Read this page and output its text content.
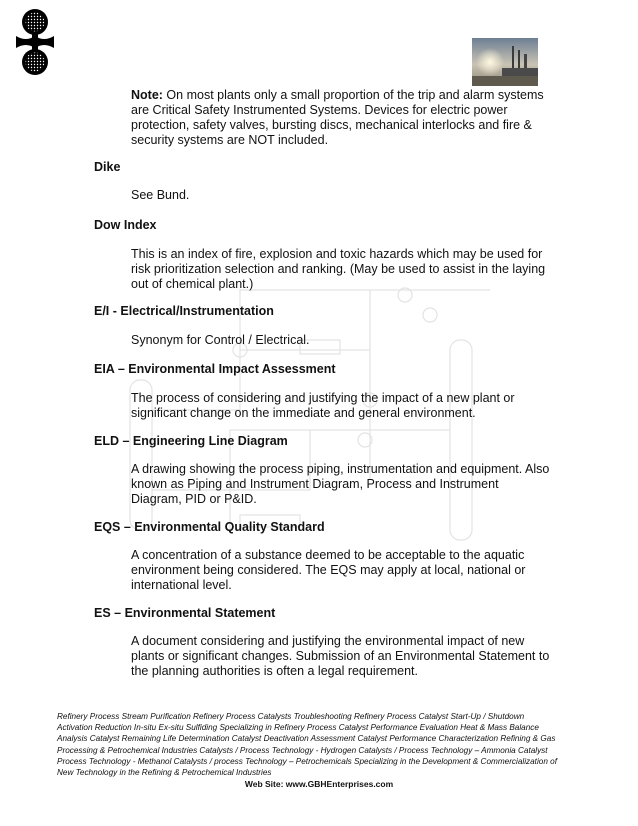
Note: On most plants only a small proportion of the trip and alarm systems are Critical Safety Instrumented Systems. Devices for electric power protection, safety valves, bursting discs, mechanical interlocks and fire & security systems are NOT included.

Dike

See Bund.

Dow Index

This is an index of fire, explosion and toxic hazards which may be used for risk prioritization selection and ranking. (May be used to assist in the laying out of chemical plant.)

E/I - Electrical/Instrumentation

Synonym for Control / Electrical.

EIA – Environmental Impact Assessment

The process of considering and justifying the impact of a new plant or significant change on the immediate and general environment.

ELD – Engineering Line Diagram

A drawing showing the process piping, instrumentation and equipment. Also known as Piping and Instrument Diagram, Process and Instrument Diagram, PID or P&ID.

EQS – Environmental Quality Standard

A concentration of a substance deemed to be acceptable to the aquatic environment being considered. The EQS may apply at local, national or international level.

ES – Environmental Statement

A document considering and justifying the environmental impact of new plants or significant changes. Submission of an Environmental Statement to the planning authorities is often a legal requirement.

Refinery Process Stream Purification Refinery Process Catalysts Troubleshooting Refinery Process Catalyst Start-Up / Shutdown Activation Reduction In-situ Ex-situ Sulfiding Specializing in Refinery Process Catalyst Performance Evaluation Heat & Mass Balance Analysis Catalyst Remaining Life Determination Catalyst Deactivation Assessment Catalyst Performance Characterization Refining & Gas Processing & Petrochemical Industries Catalysts / Process Technology - Hydrogen Catalysts / Process Technology – Ammonia Catalyst Process Technology - Methanol Catalysts / process Technology – Petrochemicals Specializing in the Development & Commercialization of New Technology in the Refining & Petrochemical Industries

Web Site: www.GBHEnterprises.com
